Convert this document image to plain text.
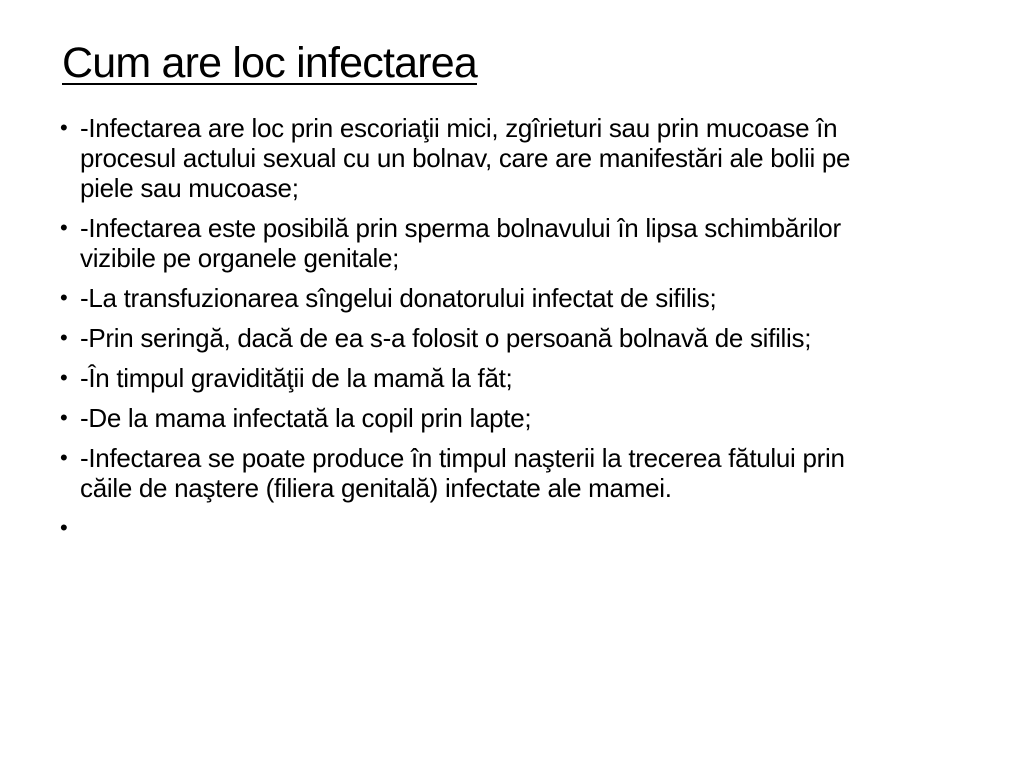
Cum are loc infectarea
• -Infectarea are loc prin escoriaţii mici, zgîrieturi sau prin mucoase în procesul actului sexual cu un bolnav, care are manifestări ale bolii pe piele sau mucoase;
• -Infectarea este posibilă prin sperma bolnavului în lipsa schimbărilor vizibile pe organele genitale;
• -La transfuzionarea sîngelui donatorului infectat de sifilis;
• -Prin seringă, dacă de ea s-a folosit o persoană bolnavă de sifilis;
• -În timpul gravidităţii de la mamă la făt;
• -De la mama infectată la copil prin lapte;
• -Infectarea se poate produce în timpul naşterii la trecerea fătului prin căile de naştere (filiera genitală) infectate ale mamei.
•
